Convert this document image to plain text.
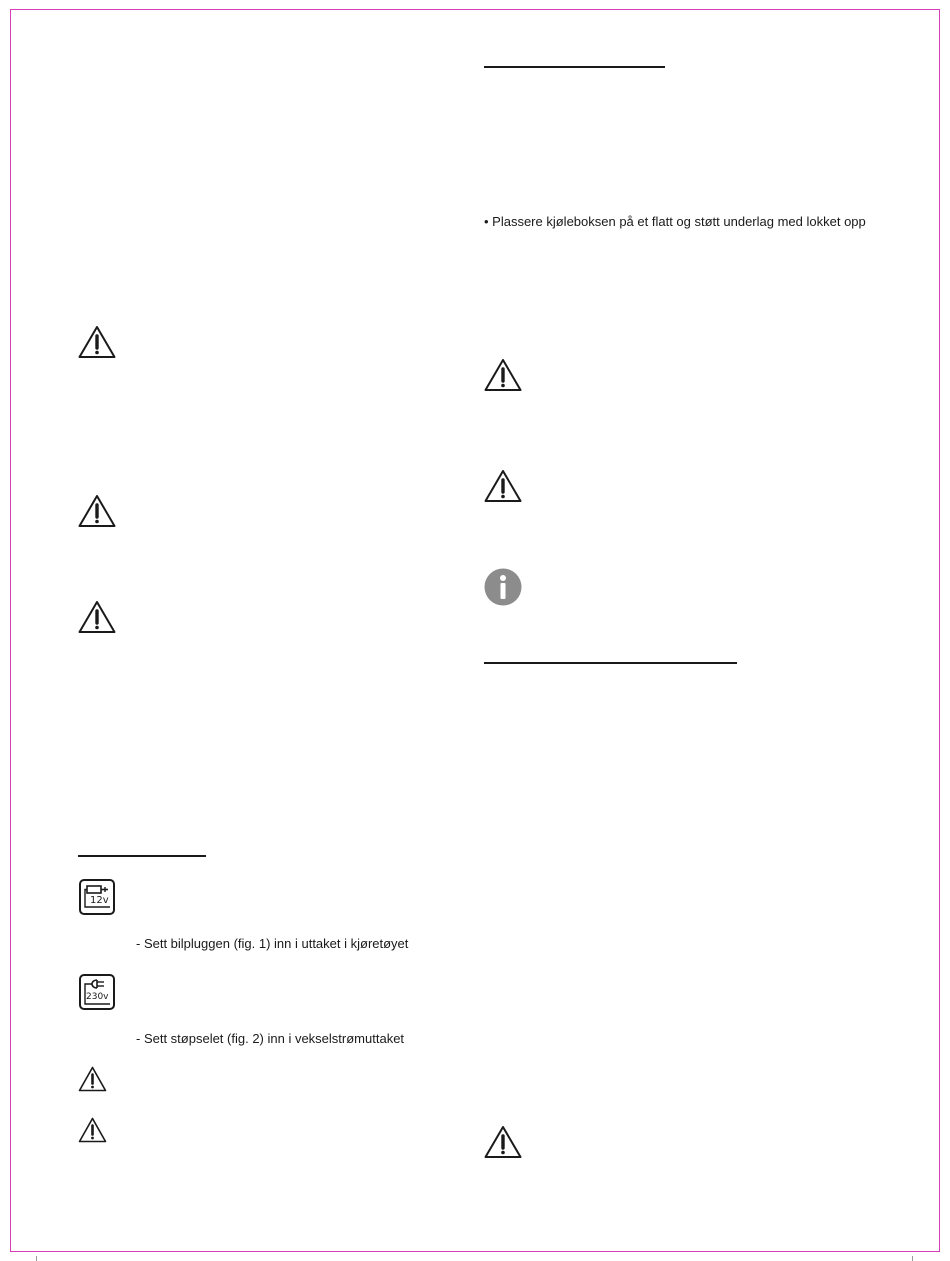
12v
- Sett bilpluggen (fig. 1) inn i uttaket i kjøretøyet
230v
- Sett støpselet (fig. 2) inn i vekselstrømuttaket
• Plassere kjøleboksen på et flatt og støtt underlag med lokket opp
